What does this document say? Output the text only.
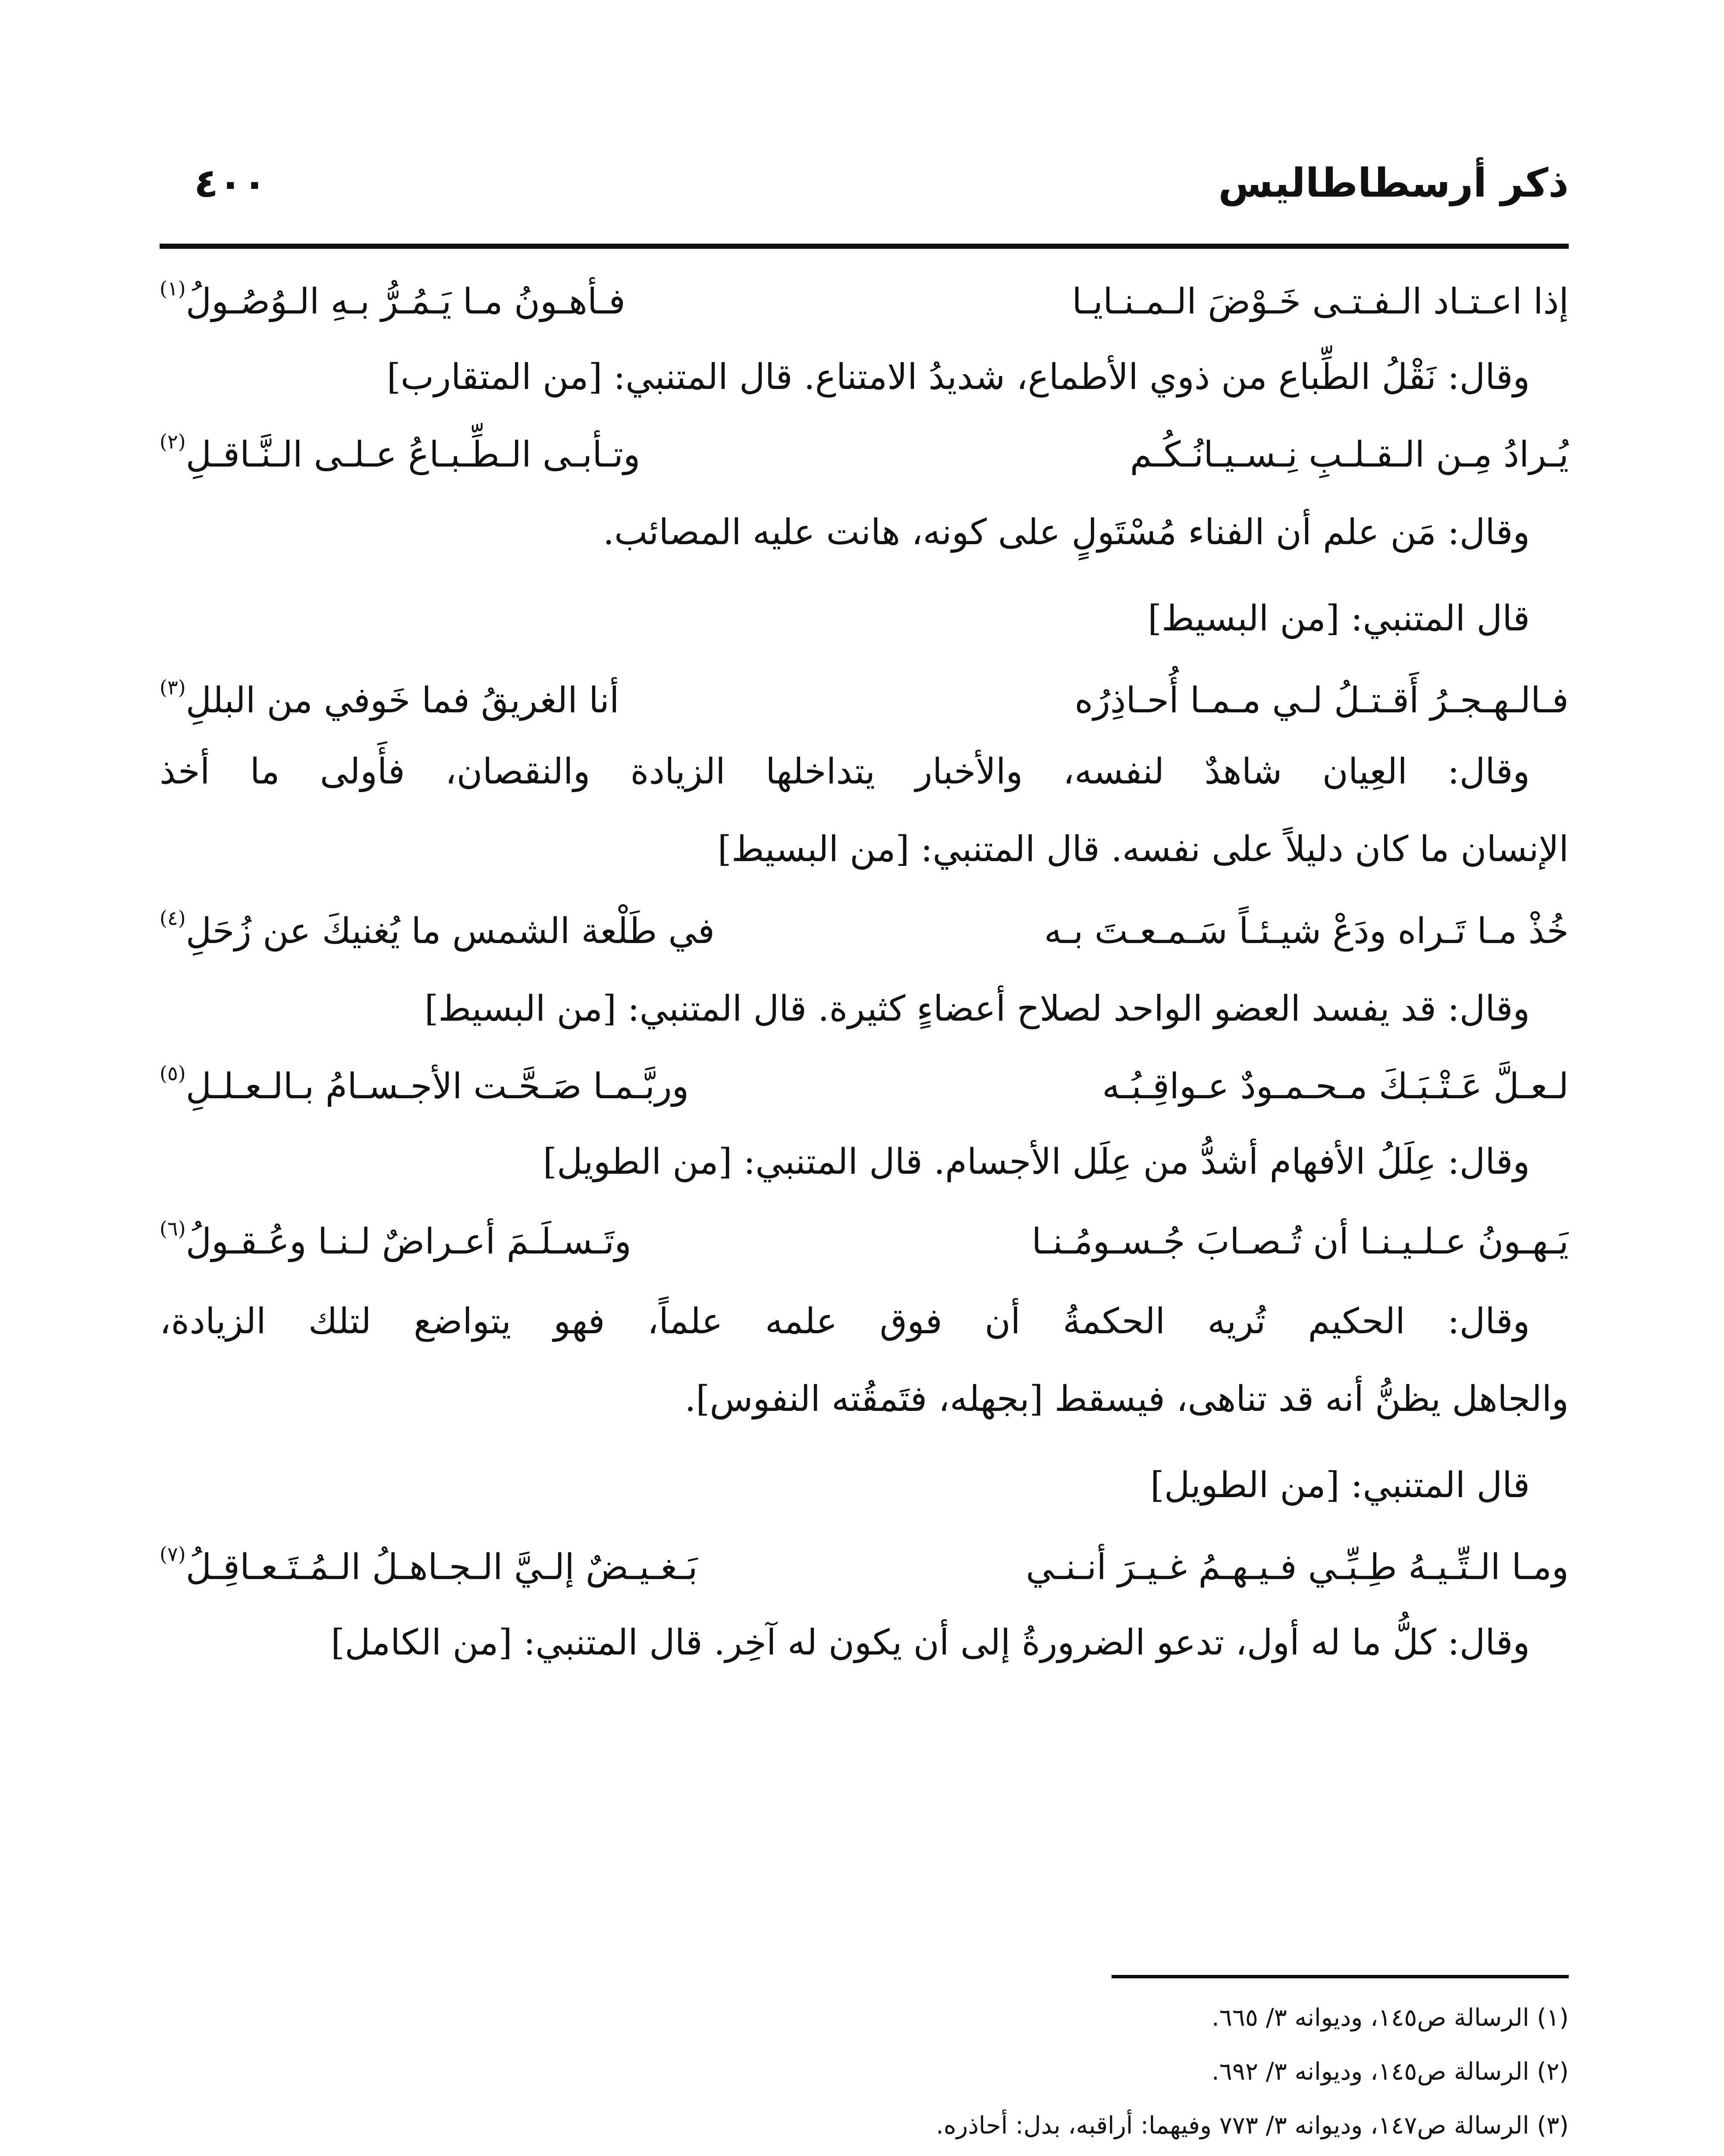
ذكر أرسطاطاليس
٤٠٠
إذا اعـتـاد الـفـتـى خَـوْضَ الـمـنـايـا
فـأهـونُ مـا يَـمُـرُّ بـهِ الـوُصُـولُ$^{(١)}$
وقال: نَقْلُ الطِّباع من ذوي الأطماع، شديدُ الامتناع. قال المتنبي: [من المتقارب]
يُـرادُ مِـن الـقـلـبِ نِـسـيـانُـكُـم
وتـأبـى الـطِّـبـاعُ عـلـى الـنَّـاقـلِ$^{(٢)}$
وقال: مَن علم أن الفناء مُسْتَولٍ على كونه، هانت عليه المصائب.
قال المتنبي: [من البسيط]
فـالـهـجـرُ أَقـتـلُ لـي مـمـا أُحـاذِرُه
أنا الغريقُ فما خَوفي من البللِ$^{(٣)}$
وقال: العِيان شاهدٌ لنفسه، والأخبار يتداخلها الزيادة والنقصان، فأَولى ما أخذ
الإنسان ما كان دليلاً على نفسه. قال المتنبي: [من البسيط]
خُذْ مـا تَـراه ودَعْ شيـئـاً سَـمـعـتَ بـه
في طَلْعة الشمس ما يُغنيكَ عن زُحَلِ$^{(٤)}$
وقال: قد يفسد العضو الواحد لصلاح أعضاءٍ كثيرة. قال المتنبي: [من البسيط]
لـعـلَّ عَـتْـبَـكَ مـحـمـودٌ عـواقِـبُـه
وربَّـمـا صَـحَّـت الأجـسـامُ بـالـعـلـلِ$^{(٥)}$
وقال: عِلَلُ الأفهام أشدُّ من عِلَل الأجسام. قال المتنبي: [من الطويل]
يَـهـونُ عـلـيـنـا أن تُـصـابَ جُـسـومُـنـا
وتَـسـلَـمَ أعـراضٌ لـنـا وعُـقـولُ$^{(٦)}$
وقال: الحكيم تُريه الحكمةُ أن فوق علمه علماً، فهو يتواضع لتلك الزيادة،
والجاهل يظنُّ أنه قد تناهى، فيسقط [بجهله، فتَمقُته النفوس].
قال المتنبي: [من الطويل]
ومـا الـتِّـيـهُ طِـبِّـي فـيـهـمُ غـيـرَ أنـنـي
بَـغـيـضٌ إلـيَّ الـجـاهـلُ الـمُـتَـعـاقِـلُ$^{(٧)}$
وقال: كلُّ ما له أول، تدعو الضرورةُ إلى أن يكون له آخِر. قال المتنبي: [من الكامل]
(١) الرسالة ص١٤٥، وديوانه ٣/ ٦٦٥.
(٢) الرسالة ص١٤٥، وديوانه ٣/ ٦٩٢.
(٣) الرسالة ص١٤٧، وديوانه ٣/ ٧٧٣ وفيهما: أراقبه، بدل: أحاذره.
